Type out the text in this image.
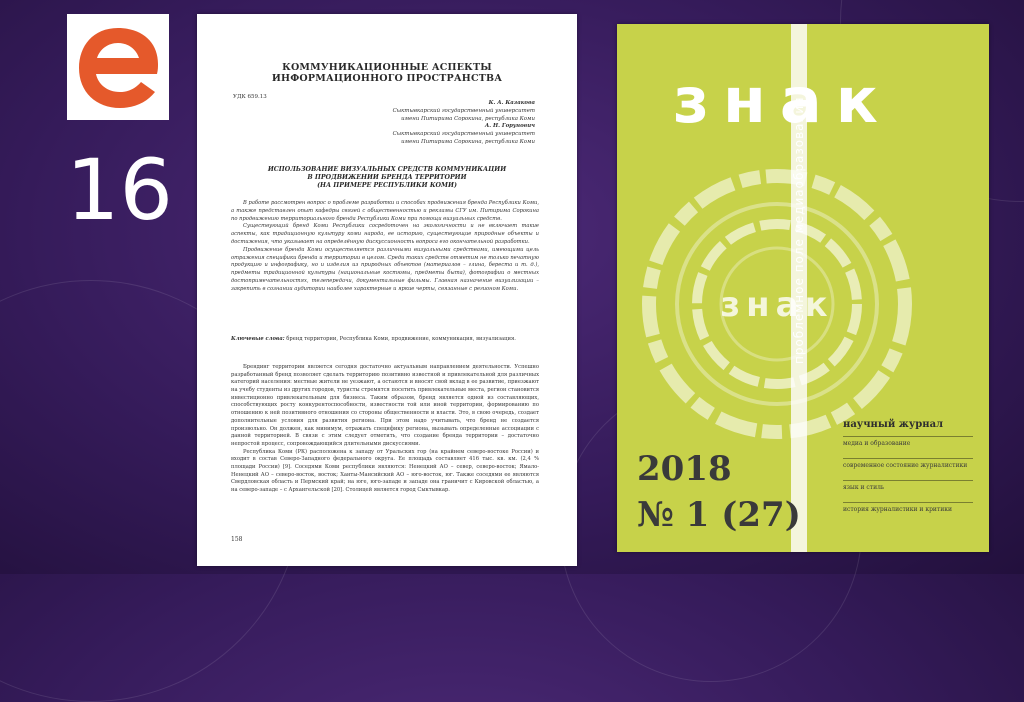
16
КОММУНИКАЦИОННЫЕ АСПЕКТЫ
ИНФОРМАЦИОННОГО ПРОСТРАНСТВА
УДК 659.13
К. А. Казакова
Сыктывкарский государственный университет
имени Питирима Сорокина, республика Коми
А. Н. Горунович
Сыктывкарский государственный университет
имени Питирима Сорокина, республика Коми
ИСПОЛЬЗОВАНИЕ ВИЗУАЛЬНЫХ СРЕДСТВ КОММУНИКАЦИИ
В ПРОДВИЖЕНИИ БРЕНДА ТЕРРИТОРИИ
(НА ПРИМЕРЕ РЕСПУБЛИКИ КОМИ)

В работе рассмотрен вопрос о проблеме разработки и способах продвижения бренда Республики Коми, а также представлен опыт кафедры связей с общественностью и рекламы СГУ им. Питирима Сорокина по продвижению территориального бренда Республики Коми при помощи визуальных средств.

Существующий бренд Коми Республики сосредоточен на экологичности и не включает такие аспекты, как традиционную культуру коми народа, ее историю, существующие природные объекты и достижения, что указывает на определённую дискуссионность вопроса его окончательной разработки.

Продвижение бренда Коми осуществляется различными визуальными средствами, имеющими цель отражения специфики бренда и территории в целом. Среди таких средств отметим не только печатную продукцию и инфографику, но и изделия из природных объектов (материалов – глина, береста и т. д.), предметы традиционной культуры (национальные костюмы, предметы быта), фотографии о местных достопримечательностях, телепередачи, документальные фильмы. Главная назначение визуализации – закрепить в сознании аудитории наиболее характерные и яркие черты, связанные с регионом Коми.

Ключевые слова: бренд территории, Республика Коми, продвижение, коммуникация, визуализация.

Брендинг территории является сегодня достаточно актуальным направлением деятельности. Успешно разработанный бренд позволяет сделать территорию позитивно известной и привлекательной для различных категорий населения: местные жители не уезжают, а остаются и вносят свой вклад в ее развитие, приезжают на учебу студенты из других городов, туристы стремятся посетить привлекательные места, регион становится инвестиционно привлекательным для бизнеса. Таким образом, бренд является одной из составляющих, способствующих росту конкурентоспособности, известности той или иной территории, формированию по отношению к ней позитивного отношения со стороны общественности и власти. Это, в свою очередь, создает дополнительные условия для развития региона. При этом надо учитывать, что бренд не создается произвольно. Он должен, как минимум, отражать специфику региона, вызывать определенные ассоциации с данной территорией. В связи с этим следует отметить, что создание бренда территории – достаточно непростой процесс, сопровождающийся длительными дискуссиями.

Республика Коми (РК) расположена к западу от Уральских гор (на крайнем северо-востоке России) и входит в состав Северо-Западного федерального округа. Ее площадь составляет 416 тыс. кв. км. (2,4 % площади России) [9]. Соседями Коми республики являются: Ненецкий АО – север, северо-восток; Ямало-Ненецкий АО – северо-восток, восток; Ханты-Мансийский АО – юго-восток, юг. Также соседями ее являются Свердловская область и Пермский край; на юге, юго-западе и западе она граничит с Кировской областью, а на северо-западе – с Архангельской [20]. Столицей является город Сыктывкар.

158
знак
знак
проблемное поле медиаобразования
2018
№ 1 (27)
научный журнал
медиа и образование
современное состояние журналистики
язык и стиль
история журналистики и критики
